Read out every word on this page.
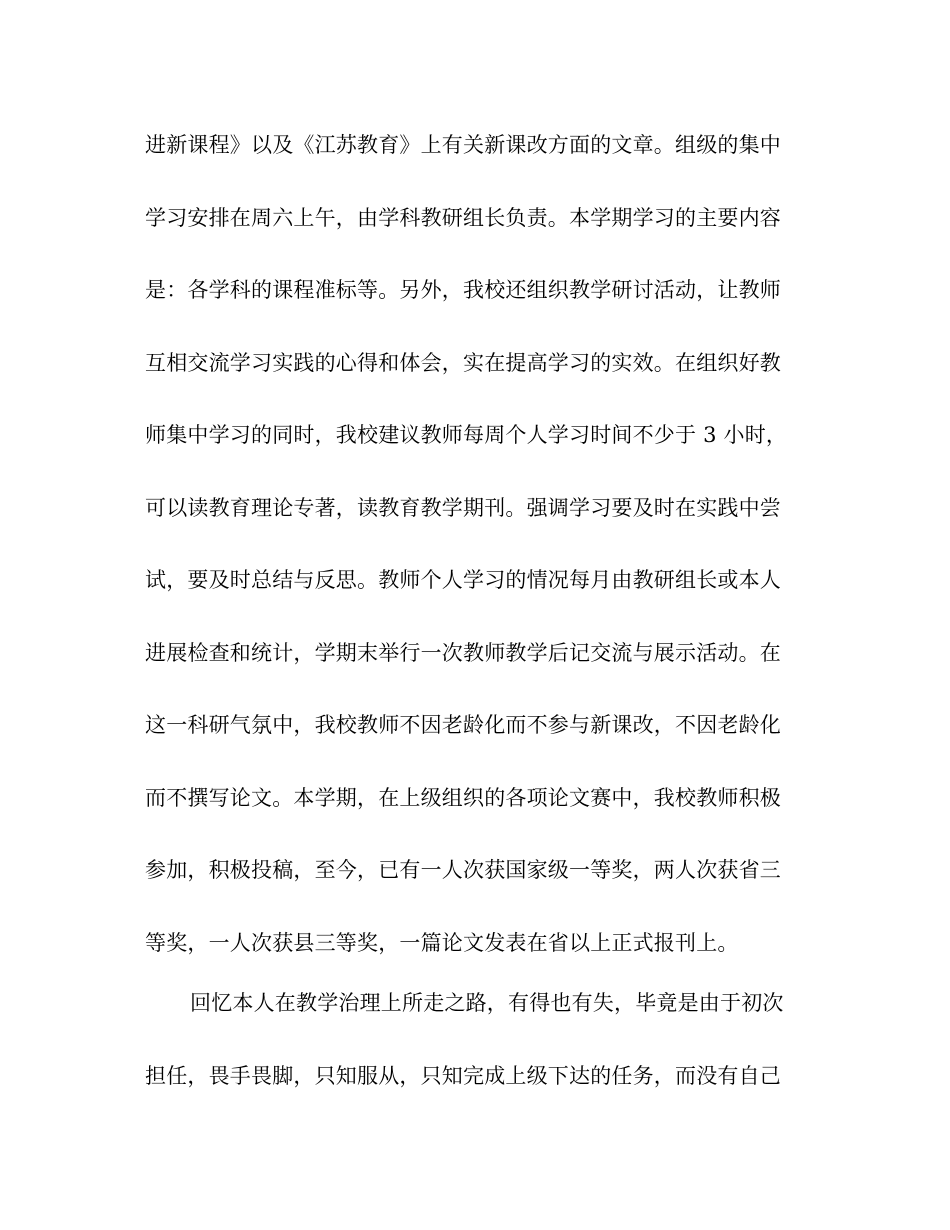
进新课程》以及《江苏教育》上有关新课改方面的文章。组级的集中
学习安排在周六上午，由学科教研组长负责。本学期学习的主要内容
是：各学科的课程准标等。另外，我校还组织教学研讨活动，让教师
互相交流学习实践的心得和体会，实在提高学习的实效。在组织好教
师集中学习的同时，我校建议教师每周个人学习时间不少于 3 小时，
可以读教育理论专著，读教育教学期刊。强调学习要及时在实践中尝
试，要及时总结与反思。教师个人学习的情况每月由教研组长或本人
进展检查和统计，学期末举行一次教师教学后记交流与展示活动。在
这一科研气氛中，我校教师不因老龄化而不参与新课改，不因老龄化
而不撰写论文。本学期，在上级组织的各项论文赛中，我校教师积极
参加，积极投稿，至今，已有一人次获国家级一等奖，两人次获省三
等奖，一人次获县三等奖，一篇论文发表在省以上正式报刊上。
回忆本人在教学治理上所走之路，有得也有失，毕竟是由于初次
担任，畏手畏脚，只知服从，只知完成上级下达的任务，而没有自己
